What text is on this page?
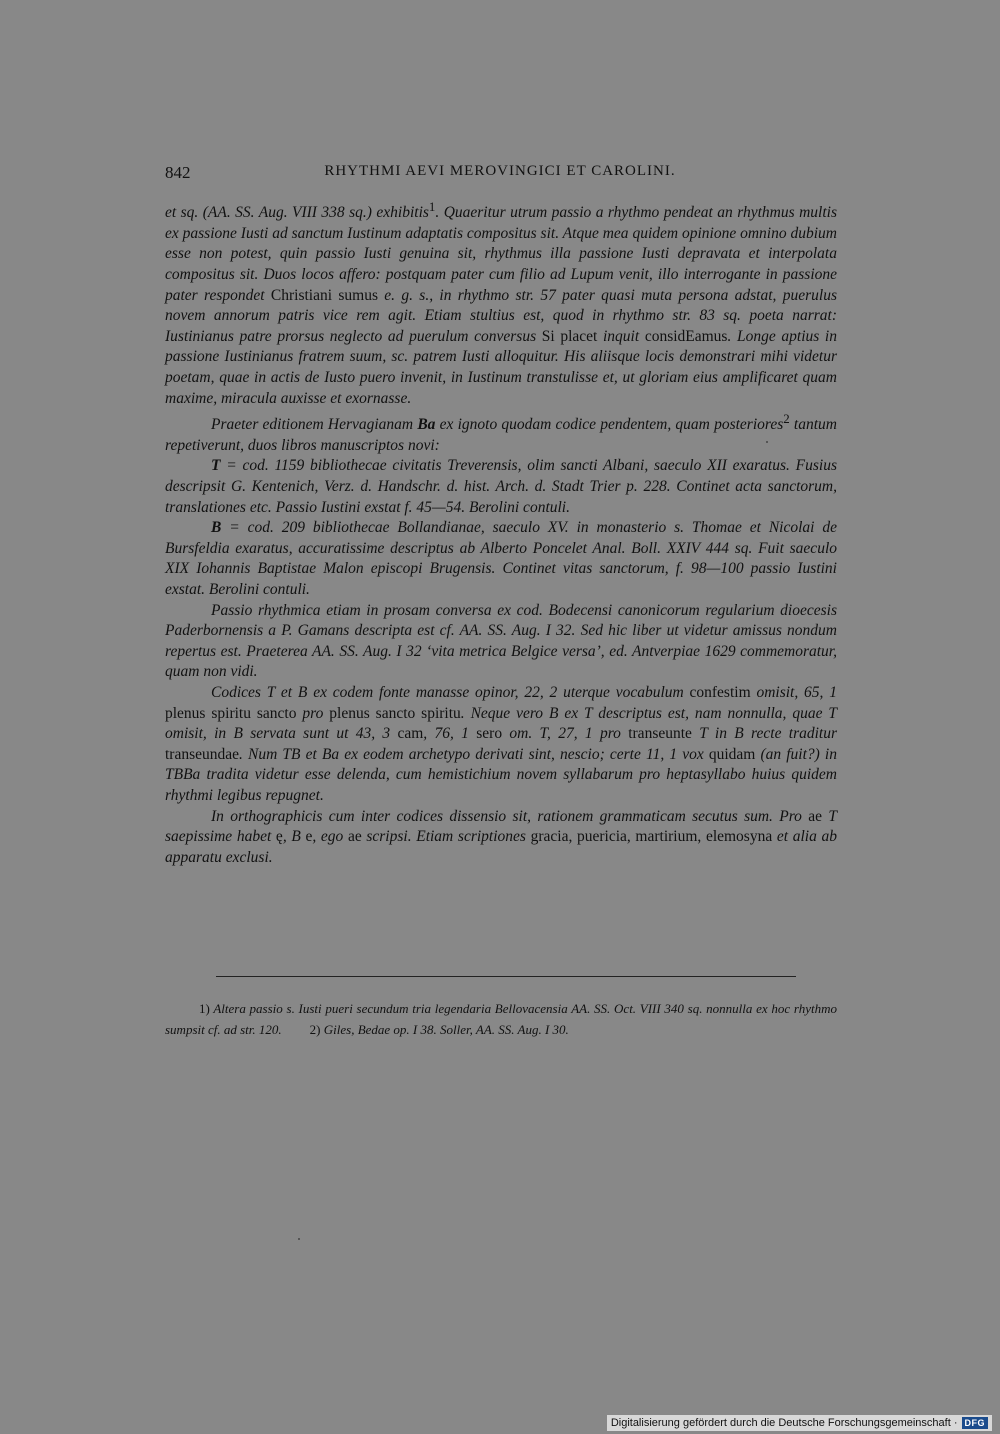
842	RHYTHMI AEVI MEROVINGICI ET CAROLINI.

et sq. (AA. SS. Aug. VIII 338 sq.) exhibitis$^1$. Quaeritur utrum passio a rhythmo pendeat an rhythmus multis ex passione Iusti ad sanctum Iustinum adaptatis compositus sit. Atque mea quidem opinione omnino dubium esse non potest, quin passio Iusti genuina sit, rhythmus illa passione Iusti depravata et interpolata compositus sit. Duos locos affero: postquam pater cum filio ad Lupum venit, illo interrogante in passione pater respondet Christiani sumus e. g. s., in rhythmo str. 57 pater quasi muta persona adstat, puerulus novem annorum patris vice rem agit. Etiam stultius est, quod in rhythmo str. 83 sq. poeta narrat: Iustinianus patre prorsus neglecto ad puerulum conversus Si placet inquit considEamus. Longe aptius in passione Iustinianus fratrem suum, sc. patrem Iusti alloquitur. His aliisque locis demonstrari mihi videtur poetam, quae in actis de Iusto puero invenit, in Iustinum transtulisse et, ut gloriam eius amplificaret quam maxime, miracula auxisse et exornasse.

Praeter editionem Hervagianam Ba ex ignoto quodam codice pendentem, quam posteriores$^2$ tantum repetiverunt, duos libros manuscriptos novi:

T = cod. 1159 bibliothecae civitatis Treverensis, olim sancti Albani, saeculo XII exaratus. Fusius descripsit G. Kentenich, Verz. d. Handschr. d. hist. Arch. d. Stadt Trier p. 228. Continet acta sanctorum, translationes etc. Passio Iustini exstat f. 45—54. Berolini contuli.

B = cod. 209 bibliothecae Bollandianae, saeculo XV. in monasterio s. Thomae et Nicolai de Bursfeldia exaratus, accuratissime descriptus ab Alberto Poncelet Anal. Boll. XXIV 444 sq. Fuit saeculo XIX Iohannis Baptistae Malon episcopi Brugensis. Continet vitas sanctorum, f. 98—100 passio Iustini exstat. Berolini contuli.

Passio rhythmica etiam in prosam conversa ex cod. Bodecensi canonicorum regularium dioecesis Paderbornensis a P. Gamans descripta est cf. AA. SS. Aug. I 32. Sed hic liber ut videtur amissus nondum repertus est. Praeterea AA. SS. Aug. I 32 ‘vita metrica Belgice versa’, ed. Antverpiae 1629 commemoratur, quam non vidi.

Codices T et B ex codem fonte manasse opinor, 22, 2 uterque vocabulum confestim omisit, 65, 1 plenus spiritu sancto pro plenus sancto spiritu. Neque vero B ex T descriptus est, nam nonnulla, quae T omisit, in B servata sunt ut 43, 3 cam, 76, 1 sero om. T, 27, 1 pro transeunte T in B recte traditur transeundae. Num TB et Ba ex eodem archetypo derivati sint, nescio; certe 11, 1 vox quidam (an fuit?) in TBBa tradita videtur esse delenda, cum hemistichium novem syllabarum pro heptasyllabo huius quidem rhythmi legibus repugnet.

In orthographicis cum inter codices dissensio sit, rationem grammaticam secutus sum. Pro ae T saepissime habet ę, B e, ego ae scripsi. Etiam scriptiones gracia, puericia, martirium, elemosyna et alia ab apparatu exclusi.

1) Altera passio s. Iusti pueri secundum tria legendaria Bellovacensia AA. SS. Oct. VIII 340 sq. nonnulla ex hoc rhythmo sumpsit cf. ad str. 120. 2) Giles, Bedae op. I 38. Soller, AA. SS. Aug. I 30.

Digitalisierung gefördert durch die Deutsche Forschungsgemeinschaft · DFG
